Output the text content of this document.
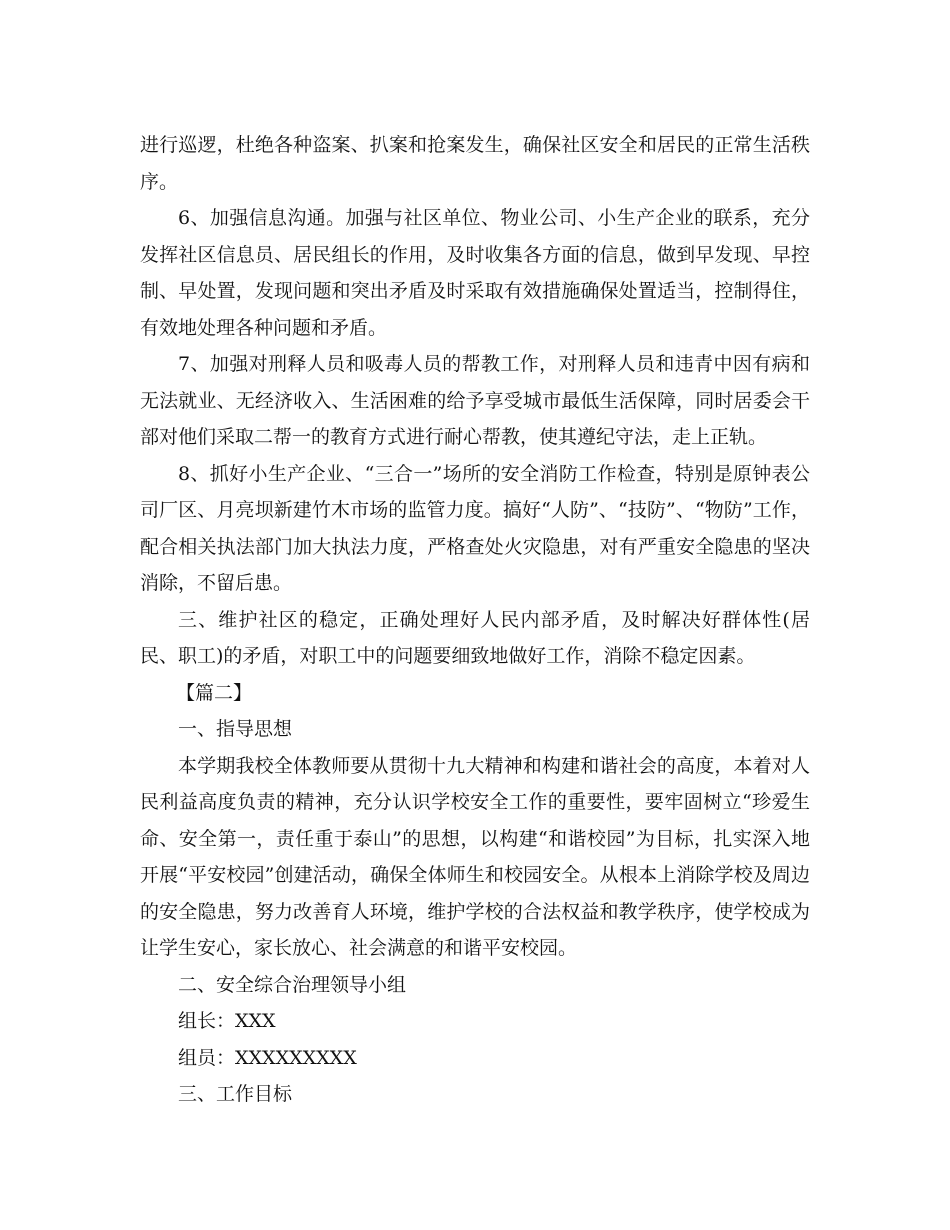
进行巡逻，杜绝各种盗案、扒案和抢案发生，确保社区安全和居民的正常生活秩序。

6、加强信息沟通。加强与社区单位、物业公司、小生产企业的联系，充分发挥社区信息员、居民组长的作用，及时收集各方面的信息，做到早发现、早控制、早处置，发现问题和突出矛盾及时采取有效措施确保处置适当，控制得住，有效地处理各种问题和矛盾。

7、加强对刑释人员和吸毒人员的帮教工作，对刑释人员和违青中因有病和无法就业、无经济收入、生活困难的给予享受城市最低生活保障，同时居委会干部对他们采取二帮一的教育方式进行耐心帮教，使其遵纪守法，走上正轨。

8、抓好小生产企业、“三合一”场所的安全消防工作检查，特别是原钟表公司厂区、月亮坝新建竹木市场的监管力度。搞好“人防”、“技防”、“物防”工作，配合相关执法部门加大执法力度，严格查处火灾隐患，对有严重安全隐患的坚决消除，不留后患。

三、维护社区的稳定，正确处理好人民内部矛盾，及时解决好群体性(居民、职工)的矛盾，对职工中的问题要细致地做好工作，消除不稳定因素。

【篇二】

一、指导思想

本学期我校全体教师要从贯彻十九大精神和构建和谐社会的高度，本着对人民利益高度负责的精神，充分认识学校安全工作的重要性，要牢固树立“珍爱生命、安全第一，责任重于泰山”的思想，以构建“和谐校园”为目标，扎实深入地开展“平安校园”创建活动，确保全体师生和校园安全。从根本上消除学校及周边的安全隐患，努力改善育人环境，维护学校的合法权益和教学秩序，使学校成为让学生安心，家长放心、社会满意的和谐平安校园。

二、安全综合治理领导小组

组长：XXX

组员：XXXXXXXXX

三、工作目标
